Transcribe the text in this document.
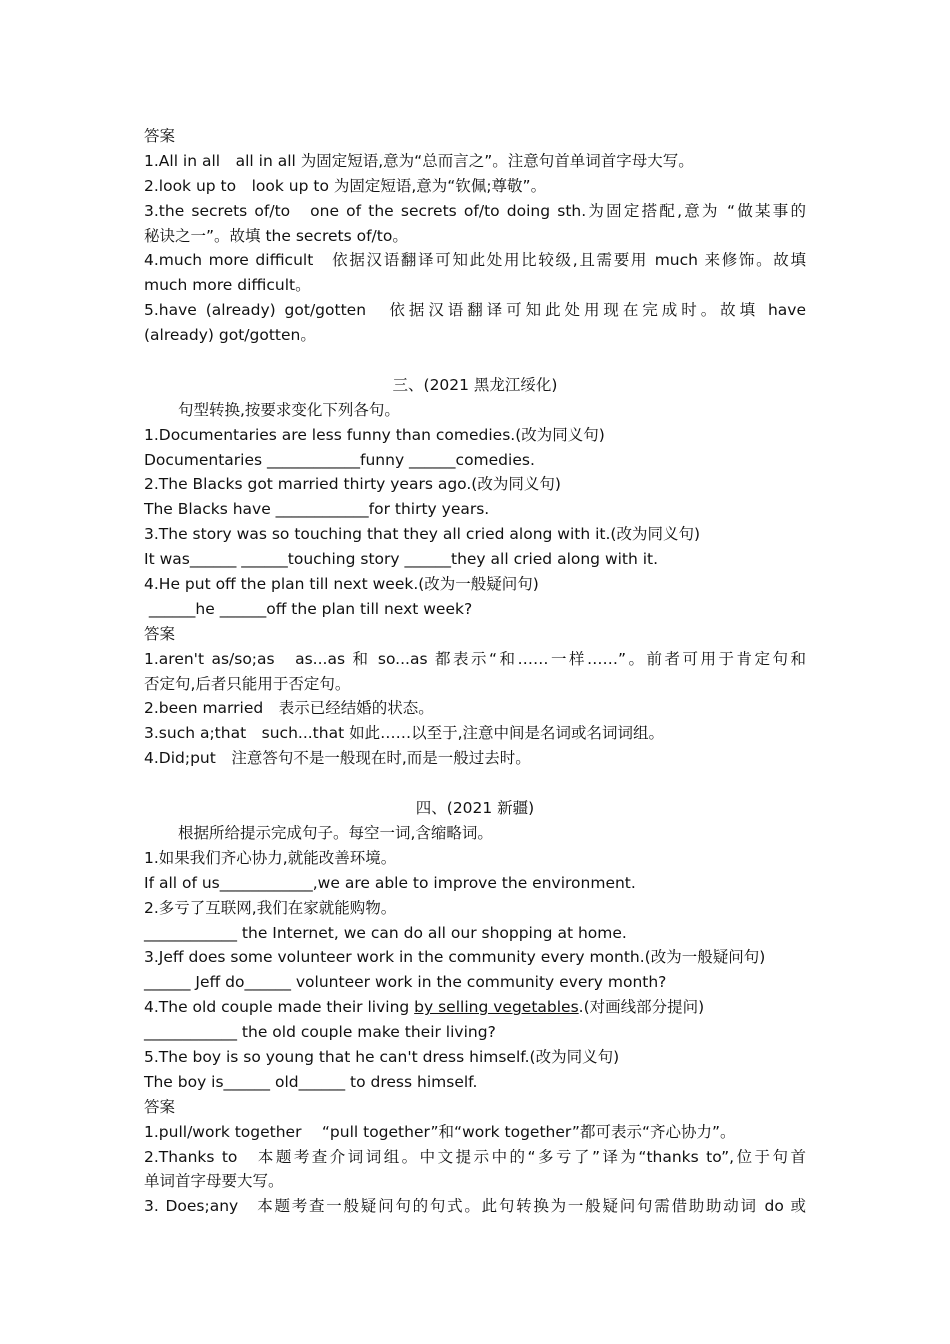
答案
1.All in all　all in all 为固定短语,意为“总而言之”。注意句首单词首字母大写。
2.look up to　look up to 为固定短语,意为“钦佩;尊敬”。
3.the secrets of/to　one of the secrets of/to doing sth.为固定搭配,意为 “做某事的
秘诀之一”。故填 the secrets of/to。
4.much more difficult　依据汉语翻译可知此处用比较级,且需要用 much 来修饰。故填
much more difficult。
5.have (already) got/gotten　依据汉语翻译可知此处用现在完成时。故填 have
(already) got/gotten。
三、(2021 黑龙江绥化)
句型转换,按要求变化下列各句。
1.Documentaries are less funny than comedies.(改为同义句)
Documentaries ____________funny ______comedies.
2.The Blacks got married thirty years ago.(改为同义句)
The Blacks have ____________for thirty years.
3.The story was so touching that they all cried along with it.(改为同义句)
It was______ ______touching story ______they all cried along with it.
4.He put off the plan till next week.(改为一般疑问句)
______he ______off the plan till next week?
答案
1.aren't as/so;as　as...as 和 so...as 都表示“和……一样……”。前者可用于肯定句和
否定句,后者只能用于否定句。
2.been married　表示已经结婚的状态。
3.such a;that　such...that 如此……以至于,注意中间是名词或名词词组。
4.Did;put　注意答句不是一般现在时,而是一般过去时。
四、(2021 新疆)
根据所给提示完成句子。每空一词,含缩略词。
1.如果我们齐心协力,就能改善环境。
If all of us____________,we are able to improve the environment.
2.多亏了互联网,我们在家就能购物。
____________ the Internet, we can do all our shopping at home.
3.Jeff does some volunteer work in the community every month.(改为一般疑问句)
______ Jeff do______ volunteer work in the community every month?
4.The old couple made their living by selling vegetables.(对画线部分提问)
____________ the old couple make their living?
5.The boy is so young that he can't dress himself.(改为同义句)
The boy is______ old______ to dress himself.
答案
1.pull/work together　 “pull together”和“work together”都可表示“齐心协力”。
2.Thanks to　本题考查介词词组。中文提示中的“多亏了”译为“thanks to”,位于句首
单词首字母要大写。
3. Does;any　本题考查一般疑问句的句式。此句转换为一般疑问句需借助助动词 do 或
